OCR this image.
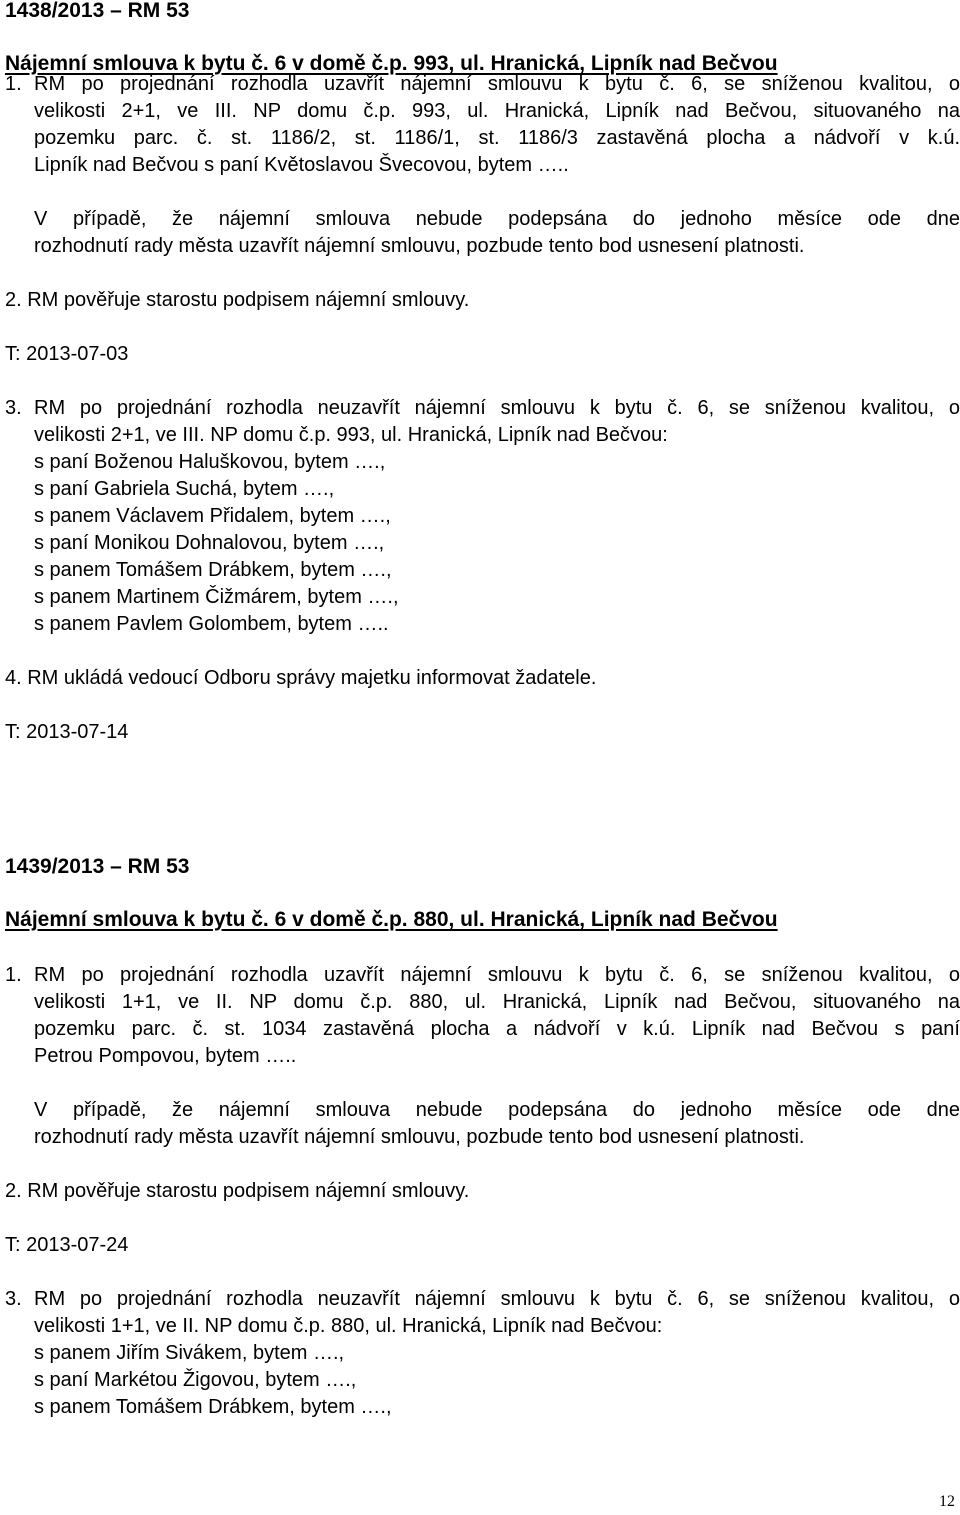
1438/2013 – RM 53
Nájemní smlouva k bytu č. 6 v domě č.p. 993, ul. Hranická, Lipník nad Bečvou
1. RM po projednání rozhodla uzavřít nájemní smlouvu k bytu č. 6, se sníženou kvalitou, o
velikosti 2+1, ve III. NP domu č.p. 993, ul. Hranická, Lipník nad Bečvou, situovaného na
pozemku parc. č. st. 1186/2, st. 1186/1, st. 1186/3 zastavěná plocha a nádvoří v k.ú.
Lipník nad Bečvou s paní Květoslavou Švecovou, bytem …..
V případě, že nájemní smlouva nebude podepsána do jednoho měsíce ode dne
rozhodnutí rady města uzavřít nájemní smlouvu, pozbude tento bod usnesení platnosti.
2. RM pověřuje starostu podpisem nájemní smlouvy.
T: 2013-07-03
3. RM po projednání rozhodla neuzavřít nájemní smlouvu k bytu č. 6, se sníženou kvalitou, o
velikosti 2+1, ve III. NP domu č.p. 993, ul. Hranická, Lipník nad Bečvou:
s paní Boženou Haluškovou, bytem ….,
s paní Gabriela Suchá, bytem ….,
s panem Václavem Přidalem, bytem ….,
s paní Monikou Dohnalovou, bytem ….,
s panem Tomášem Drábkem, bytem ….,
s panem Martinem Čižmárem, bytem ….,
s panem Pavlem Golombem, bytem …..
4. RM ukládá vedoucí Odboru správy majetku informovat žadatele.
T: 2013-07-14
1439/2013 – RM 53
Nájemní smlouva k bytu č. 6 v domě č.p. 880, ul. Hranická, Lipník nad Bečvou
1. RM po projednání rozhodla uzavřít nájemní smlouvu k bytu č. 6, se sníženou kvalitou, o
velikosti 1+1, ve II. NP domu č.p. 880, ul. Hranická, Lipník nad Bečvou, situovaného na
pozemku parc. č. st. 1034 zastavěná plocha a nádvoří v k.ú. Lipník nad Bečvou s paní
Petrou Pompovou, bytem …..
V případě, že nájemní smlouva nebude podepsána do jednoho měsíce ode dne
rozhodnutí rady města uzavřít nájemní smlouvu, pozbude tento bod usnesení platnosti.
2. RM pověřuje starostu podpisem nájemní smlouvy.
T: 2013-07-24
3. RM po projednání rozhodla neuzavřít nájemní smlouvu k bytu č. 6, se sníženou kvalitou, o
velikosti 1+1, ve II. NP domu č.p. 880, ul. Hranická, Lipník nad Bečvou:
s panem Jiřím Sivákem, bytem ….,
s paní Markétou Žigovou, bytem ….,
s panem Tomášem Drábkem, bytem ….,
12
